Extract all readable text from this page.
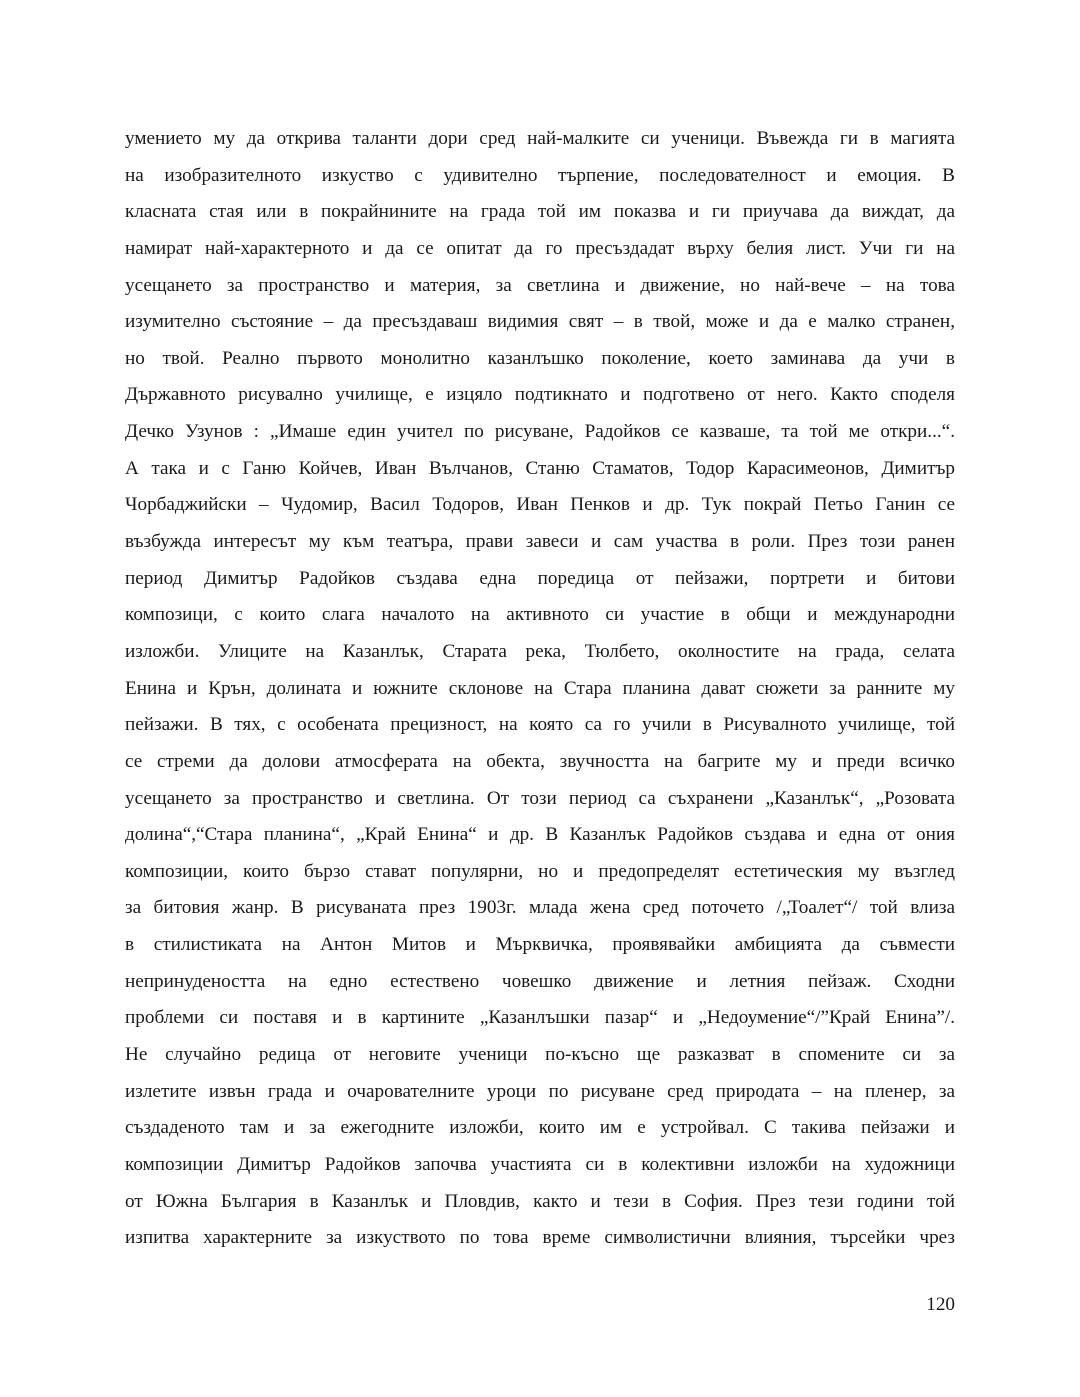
умението му да открива таланти дори сред най-малките си ученици. Въвежда ги в магията
на изобразителното изкуство с удивително търпение, последователност и емоция. В
класната стая или в покрайнините на града той им показва и ги приучава да виждат, да
намират най-характерното и да се опитат да го пресъздадат върху белия лист. Учи ги на
усещането за пространство и материя, за светлина и движение, но най-вече – на това
изумително състояние – да пресъздаваш видимия свят – в твой, може и да е малко странен,
но твой. Реално първото монолитно казанлъшко поколение, което заминава да учи в
Държавното рисувално училище, е изцяло подтикнато и подготвено от него. Както споделя
Дечко Узунов : „Имаше един учител по рисуване, Радойков се казваше, та той ме откри...“.
А така и с Ганю Койчев, Иван Вълчанов, Станю Стаматов, Тодор Карасимеонов, Димитър
Чорбаджийски – Чудомир, Васил Тодоров, Иван Пенков и др. Тук покрай Петьо Ганин се
възбужда интересът му към театъра, прави завеси и сам участва в роли. През този ранен
период Димитър Радойков създава една поредица от пейзажи, портрети и битови
композици, с които слага началото на активното си участие в общи и международни
изложби. Улиците на Казанлък, Старата река, Тюлбето, околностите на града, селата
Енина и Крън, долината и южните склонове на Стара планина дават сюжети за ранните му
пейзажи. В тях, с особената прецизност, на която са го учили в Рисувалното училище, той
се стреми да долови атмосферата на обекта, звучността на багрите му и преди всичко
усещането за пространство и светлина. От този период са съхранени „Казанлък“, „Розовата
долина“,“Стара планина“, „Край Енина“ и др. В Казанлък Радойков създава и една от ония
композиции, които бързо стават популярни, но и предопределят естетическия му възглед
за битовия жанр. В рисуваната през 1903г. млада жена сред поточето /„Тоалет“/ той влиза
в стилистиката на Антон Митов и Мърквичка, проявявайки амбицията да съвмести
непринудеността на едно естествено човешко движение и летния пейзаж. Сходни
проблеми си поставя и в картините „Казанлъшки пазар“ и „Недоумение“/”Край Енина”/.
Не случайно редица от неговите ученици по-късно ще разказват в спомените си за
излетите извън града и очарователните уроци по рисуване сред природата – на пленер, за
създаденото там и за ежегодните изложби, които им е устройвал. С такива пейзажи и
композиции Димитър Радойков започва участията си в колективни изложби на художници
от Южна България в Казанлък и Пловдив, както и тези в София. През тези години той
изпитва характерните за изкуството по това време символистични влияния, търсейки чрез
120
